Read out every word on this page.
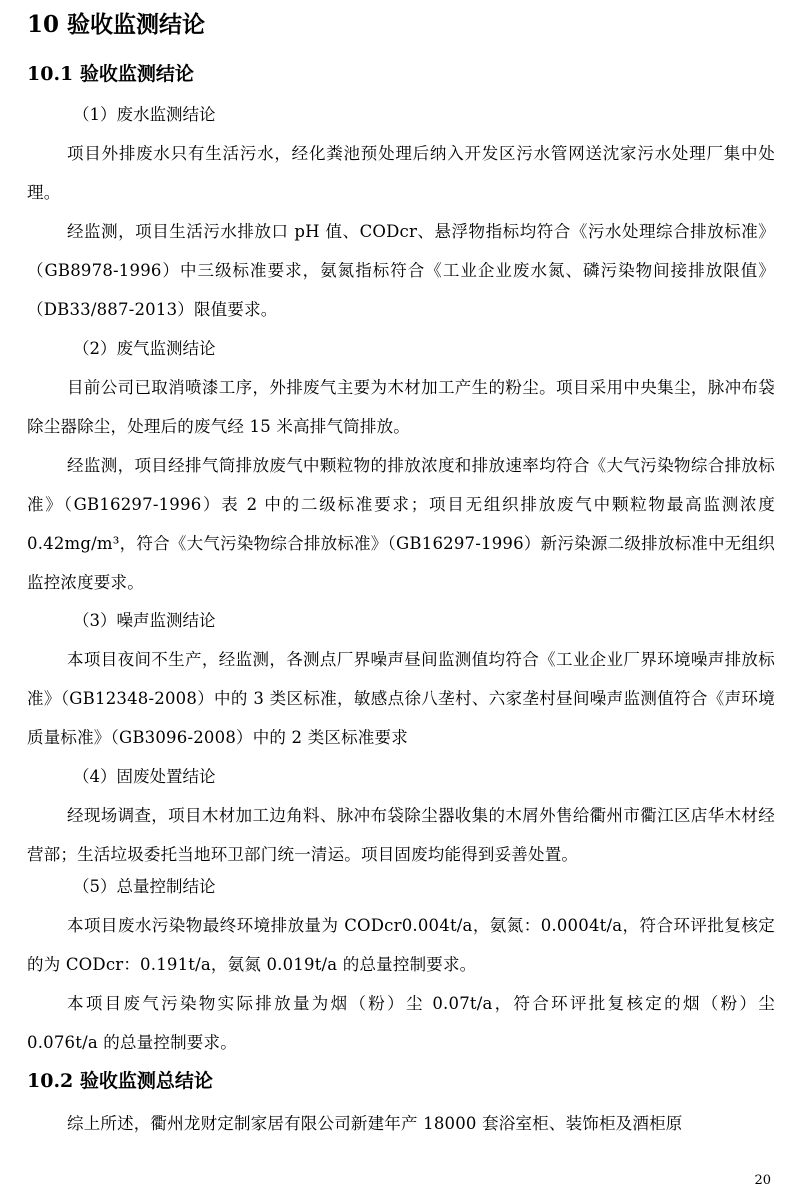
10 验收监测结论
10.1 验收监测结论
（1）废水监测结论
项目外排废水只有生活污水，经化粪池预处理后纳入开发区污水管网送沈家污水处理厂集中处理。
经监测，项目生活污水排放口 pH 值、CODcr、悬浮物指标均符合《污水处理综合排放标准》（GB8978-1996）中三级标准要求，氨氮指标符合《工业企业废水氮、磷污染物间接排放限值》（DB33/887-2013）限值要求。
（2）废气监测结论
目前公司已取消喷漆工序，外排废气主要为木材加工产生的粉尘。项目采用中央集尘，脉冲布袋除尘器除尘，处理后的废气经 15 米高排气筒排放。
经监测，项目经排气筒排放废气中颗粒物的排放浓度和排放速率均符合《大气污染物综合排放标准》（GB16297-1996）表 2 中的二级标准要求；项目无组织排放废气中颗粒物最高监测浓度 0.42mg/m³，符合《大气污染物综合排放标准》（GB16297-1996）新污染源二级排放标准中无组织监控浓度要求。
（3）噪声监测结论
本项目夜间不生产，经监测，各测点厂界噪声昼间监测值均符合《工业企业厂界环境噪声排放标准》（GB12348-2008）中的 3 类区标准，敏感点徐八垄村、六家垄村昼间噪声监测值符合《声环境质量标准》（GB3096-2008）中的 2 类区标准要求
（4）固废处置结论
经现场调查，项目木材加工边角料、脉冲布袋除尘器收集的木屑外售给衢州市衢江区店华木材经营部；生活垃圾委托当地环卫部门统一清运。项目固废均能得到妥善处置。
（5）总量控制结论
本项目废水污染物最终环境排放量为 CODcr0.004t/a，氨氮：0.0004t/a，符合环评批复核定的为 CODcr：0.191t/a，氨氮 0.019t/a 的总量控制要求。
本项目废气污染物实际排放量为烟（粉）尘 0.07t/a，符合环评批复核定的烟（粉）尘 0.076t/a 的总量控制要求。
10.2 验收监测总结论
综上所述，衢州龙财定制家居有限公司新建年产 18000 套浴室柜、装饰柜及酒柜原
20
